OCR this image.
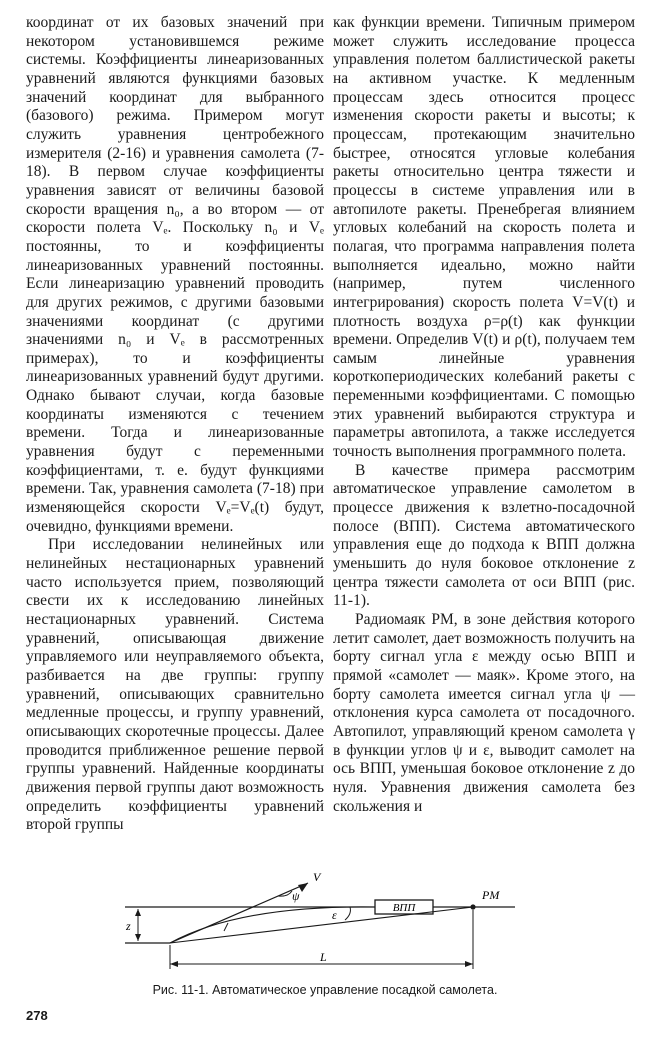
координат от их базовых значений при некотором установившемся режиме системы. Коэффициенты линеаризованных уравнений являются функциями базовых значений координат для выбранного (базового) режима. Примером могут служить уравнения центробежного измерителя (2-16) и уравнения самолета (7-18). В первом случае коэффициенты уравнения зависят от величины базовой скорости вращения n₀, а во втором — от скорости полета Vₑ. Поскольку n₀ и Vₑ постоянны, то и коэффициенты линеаризованных уравнений постоянны. Если линеаризацию уравнений проводить для других режимов, с другими базовыми значениями координат (с другими значениями n₀ и Vₑ в рассмотренных примерах), то и коэффициенты линеаризованных уравнений будут другими. Однако бывают случаи, когда базовые координаты изменяются с течением времени. Тогда и линеаризованные уравнения будут с переменными коэффициентами, т. е. будут функциями времени. Так, уравнения самолета (7-18) при изменяющейся скорости Vₑ=Vₑ(t) будут, очевидно, функциями времени.

При исследовании нелинейных или нелинейных нестационарных уравнений часто используется прием, позволяющий свести их к исследованию линейных нестационарных уравнений. Система уравнений, описывающая движение управляемого или неуправляемого объекта, разбивается на две группы: группу уравнений, описывающих сравнительно медленные процессы, и группу уравнений, описывающих скоротечные процессы. Далее проводится приближенное решение первой группы уравнений. Найденные координаты движения первой группы дают возможность определить коэффициенты уравнений второй группы

как функции времени. Типичным примером может служить исследование процесса управления полетом баллистической ракеты на активном участке. К медленным процессам здесь относится процесс изменения скорости ракеты и высоты; к процессам, протекающим значительно быстрее, относятся угловые колебания ракеты относительно центра тяжести и процессы в системе управления или в автопилоте ракеты. Пренебрегая влиянием угловых колебаний на скорость полета и полагая, что программа направления полета выполняется идеально, можно найти (например, путем численного интегрирования) скорость полета V=V(t) и плотность воздуха ρ=ρ(t) как функции времени. Определив V(t) и ρ(t), получаем тем самым линейные уравнения короткопериодических колебаний ракеты с переменными коэффициентами. С помощью этих уравнений выбираются структура и параметры автопилота, а также исследуется точность выполнения программного полета.

В качестве примера рассмотрим автоматическое управление самолетом в процессе движения к взлетно-посадочной полосе (ВПП). Система автоматического управления еще до подхода к ВПП должна уменьшить до нуля боковое отклонение z центра тяжести самолета от оси ВПП (рис. 11-1).

Радиомаяк PM, в зоне действия которого летит самолет, дает возможность получить на борту сигнал угла ε между осью ВПП и прямой «самолет — маяк». Кроме этого, на борту самолета имеется сигнал угла ψ — отклонения курса самолета от посадочного. Автопилот, управляющий креном самолета γ в функции углов ψ и ε, выводит самолет на ось ВПП, уменьшая боковое отклонение z до нуля. Уравнения движения самолета без скольжения и

ВПП
PM
V
ψ
ε
z
L
Рис. 11-1. Автоматическое управление посадкой самолета.
278
